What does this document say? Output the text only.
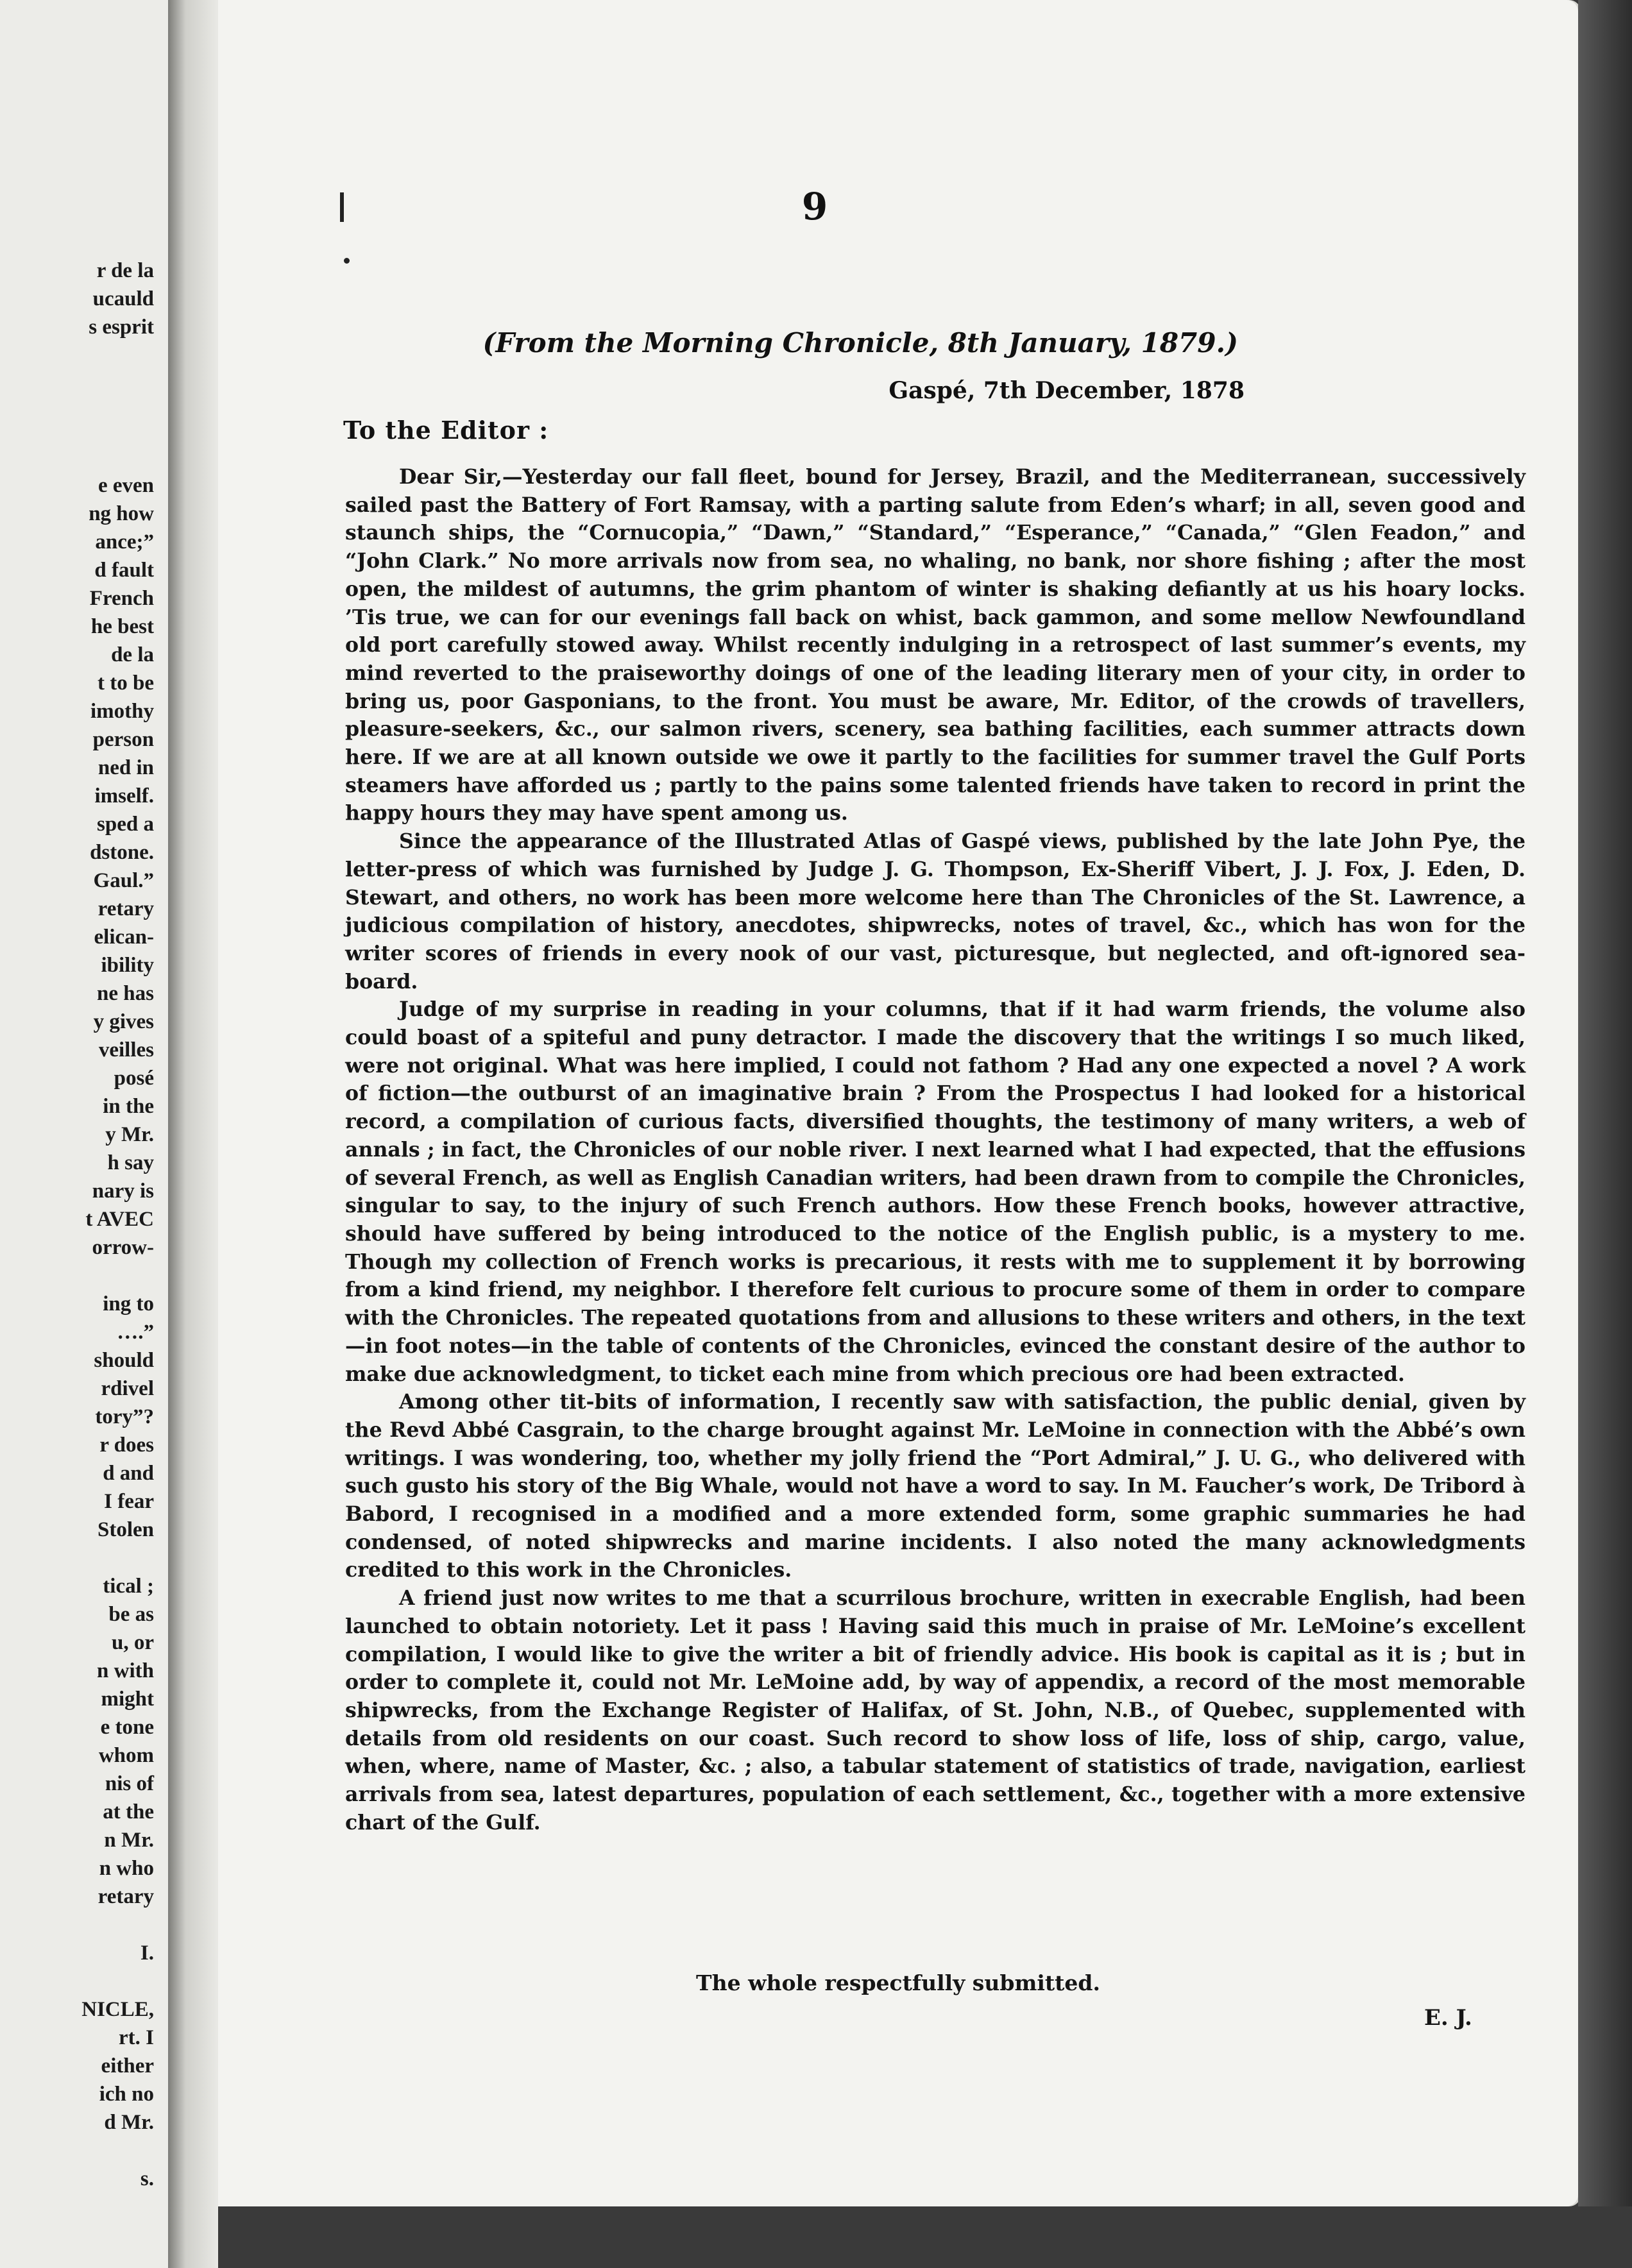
r de la
ucauld
s esprit
e even
ng how
ance;”
d fault
French
he best
de la
t to be
imothy
person
ned in
imself.
sped a
dstone.
Gaul.”
retary
elican-
ibility
ne has
y gives
veilles
posé
in the
y Mr.
h say
nary is
t AVEC
orrow-

ing to
….”
should
rdivel
tory”?
r does
d and
I fear
Stolen

tical ;
be as
u, or
n with
might
e tone
whom
nis of
at the
n Mr.
n who
retary

I.

NICLE,
rt. I
either
ich no
d Mr.

s.
9
(From the Morning Chronicle, 8th January, 1879.)
Gaspé, 7th December, 1878
To the Editor :

Dear Sir,—Yesterday our fall fleet, bound for Jersey, Brazil, and the Mediterranean, successively sailed past the Battery of Fort Ramsay, with a parting salute from Eden’s wharf; in all, seven good and staunch ships, the “Cornucopia,” “Dawn,” “Standard,” “Esperance,” “Canada,” “Glen Feadon,” and “John Clark.” No more arrivals now from sea, no whaling, no bank, nor shore fishing ; after the most open, the mildest of autumns, the grim phantom of winter is shaking defiantly at us his hoary locks. ’Tis true, we can for our evenings fall back on whist, back gammon, and some mellow Newfoundland old port carefully stowed away. Whilst recently indulging in a retrospect of last summer’s events, my mind reverted to the praiseworthy doings of one of the leading literary men of your city, in order to bring us, poor Gasponians, to the front. You must be aware, Mr. Editor, of the crowds of travellers, pleasure-seekers, &c., our salmon rivers, scenery, sea bathing facilities, each summer attracts down here. If we are at all known outside we owe it partly to the facilities for summer travel the Gulf Ports steamers have afforded us ; partly to the pains some talented friends have taken to record in print the happy hours they may have spent among us.

Since the appearance of the Illustrated Atlas of Gaspé views, published by the late John Pye, the letter-press of which was furnished by Judge J. G. Thompson, Ex-Sheriff Vibert, J. J. Fox, J. Eden, D. Stewart, and others, no work has been more welcome here than The Chronicles of the St. Lawrence, a judicious compilation of history, anecdotes, shipwrecks, notes of travel, &c., which has won for the writer scores of friends in every nook of our vast, picturesque, but neglected, and oft-ignored sea-board.

Judge of my surprise in reading in your columns, that if it had warm friends, the volume also could boast of a spiteful and puny detractor. I made the discovery that the writings I so much liked, were not original. What was here implied, I could not fathom ? Had any one expected a novel ? A work of fiction—the outburst of an imaginative brain ? From the Prospectus I had looked for a historical record, a compilation of curious facts, diversified thoughts, the testimony of many writers, a web of annals ; in fact, the Chronicles of our noble river. I next learned what I had expected, that the effusions of several French, as well as English Canadian writers, had been drawn from to compile the Chronicles, singular to say, to the injury of such French authors. How these French books, however attractive, should have suffered by being introduced to the notice of the English public, is a mystery to me. Though my collection of French works is precarious, it rests with me to supplement it by borrowing from a kind friend, my neighbor. I therefore felt curious to procure some of them in order to compare with the Chronicles. The repeated quotations from and allusions to these writers and others, in the text—in foot notes—in the table of contents of the Chronicles, evinced the constant desire of the author to make due acknowledgment, to ticket each mine from which precious ore had been extracted.

Among other tit-bits of information, I recently saw with satisfaction, the public denial, given by the Revd Abbé Casgrain, to the charge brought against Mr. LeMoine in connection with the Abbé’s own writings. I was wondering, too, whether my jolly friend the “Port Admiral,” J. U. G., who delivered with such gusto his story of the Big Whale, would not have a word to say. In M. Faucher’s work, De Tribord à Babord, I recognised in a modified and a more extended form, some graphic summaries he had condensed, of noted shipwrecks and marine incidents. I also noted the many acknowledgments credited to this work in the Chronicles.

A friend just now writes to me that a scurrilous brochure, written in execrable English, had been launched to obtain notoriety. Let it pass ! Having said this much in praise of Mr. LeMoine’s excellent compilation, I would like to give the writer a bit of friendly advice. His book is capital as it is ; but in order to complete it, could not Mr. LeMoine add, by way of appendix, a record of the most memorable shipwrecks, from the Exchange Register of Halifax, of St. John, N.B., of Quebec, supplemented with details from old residents on our coast. Such record to show loss of life, loss of ship, cargo, value, when, where, name of Master, &c. ; also, a tabular statement of statistics of trade, navigation, earliest arrivals from sea, latest departures, population of each settlement, &c., together with a more extensive chart of the Gulf.

The whole respectfully submitted.
E. J.
